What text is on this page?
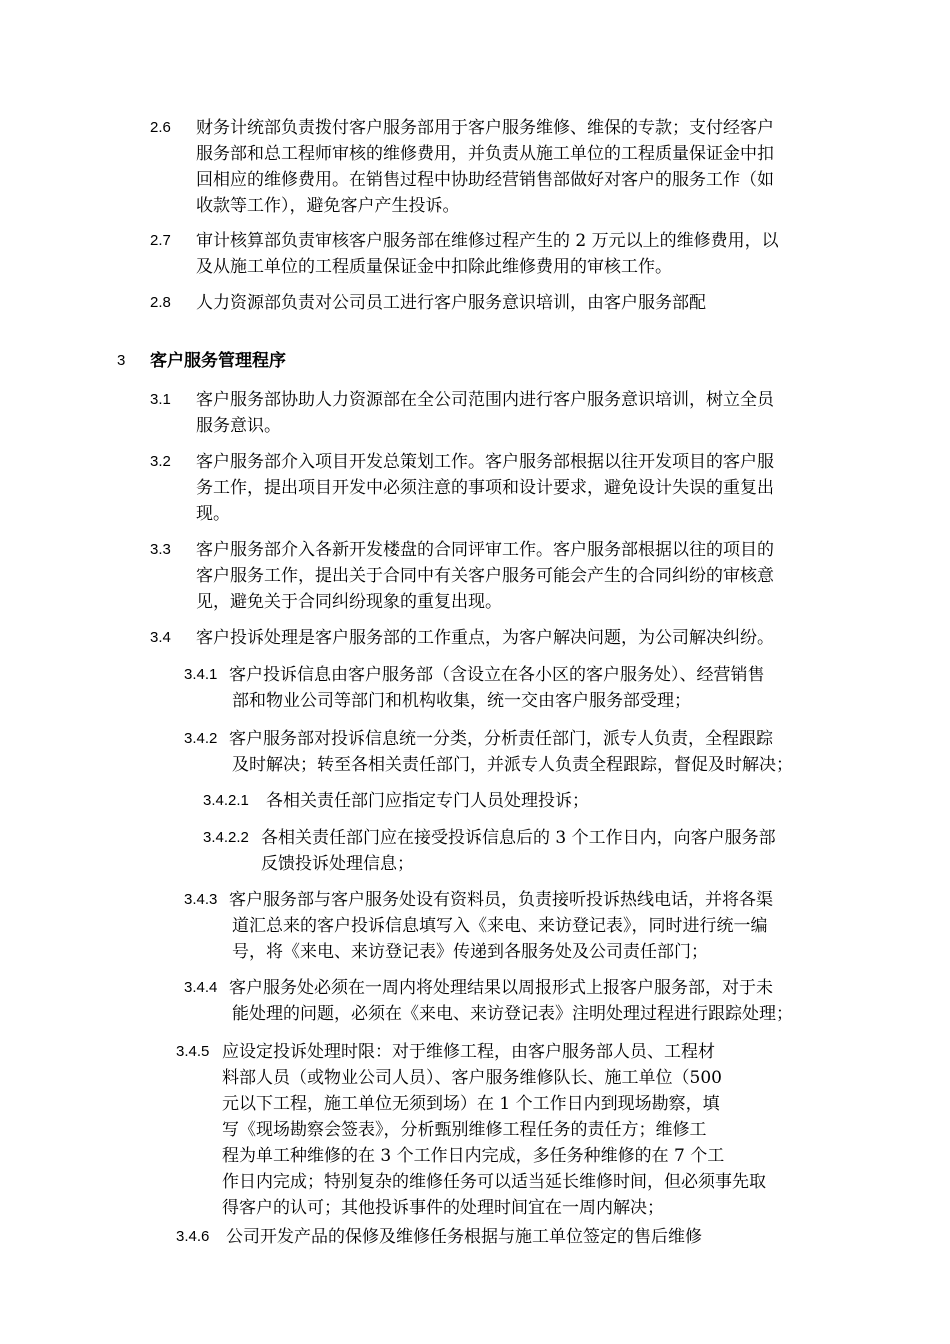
2.6 财务计统部负责拨付客户服务部用于客户服务维修、维保的专款；支付经客户
服务部和总工程师审核的维修费用，并负责从施工单位的工程质量保证金中扣
回相应的维修费用。在销售过程中协助经营销售部做好对客户的服务工作（如
收款等工作），避免客户产生投诉。
2.7 审计核算部负责审核客户服务部在维修过程产生的 2 万元以上的维修费用，以
及从施工单位的工程质量保证金中扣除此维修费用的审核工作。
2.8 人力资源部负责对公司员工进行客户服务意识培训，由客户服务部配
3 客户服务管理程序
3.1 客户服务部协助人力资源部在全公司范围内进行客户服务意识培训，树立全员
服务意识。
3.2 客户服务部介入项目开发总策划工作。客户服务部根据以往开发项目的客户服
务工作，提出项目开发中必须注意的事项和设计要求，避免设计失误的重复出
现。
3.3 客户服务部介入各新开发楼盘的合同评审工作。客户服务部根据以往的项目的
客户服务工作，提出关于合同中有关客户服务可能会产生的合同纠纷的审核意
见，避免关于合同纠纷现象的重复出现。
3.4 客户投诉处理是客户服务部的工作重点，为客户解决问题，为公司解决纠纷。
3.4.1 客户投诉信息由客户服务部（含设立在各小区的客户服务处）、经营销售
部和物业公司等部门和机构收集，统一交由客户服务部受理；
3.4.2 客户服务部对投诉信息统一分类，分析责任部门，派专人负责，全程跟踪
及时解决；转至各相关责任部门，并派专人负责全程跟踪，督促及时解决；
3.4.2.1 各相关责任部门应指定专门人员处理投诉；
3.4.2.2 各相关责任部门应在接受投诉信息后的 3 个工作日内，向客户服务部
反馈投诉处理信息；
3.4.3 客户服务部与客户服务处设有资料员，负责接听投诉热线电话，并将各渠
道汇总来的客户投诉信息填写入《来电、来访登记表》，同时进行统一编
号，将《来电、来访登记表》传递到各服务处及公司责任部门；
3.4.4 客户服务处必须在一周内将处理结果以周报形式上报客户服务部，对于未
能处理的问题，必须在《来电、来访登记表》注明处理过程进行跟踪处理；
3.4.5 应设定投诉处理时限：对于维修工程，由客户服务部人员、工程材
料部人员（或物业公司人员）、客户服务维修队长、施工单位（500
元以下工程，施工单位无须到场）在 1 个工作日内到现场勘察，填
写《现场勘察会签表》，分析甄别维修工程任务的责任方；维修工
程为单工种维修的在 3 个工作日内完成，多任务种维修的在 7 个工
作日内完成；特别复杂的维修任务可以适当延长维修时间，但必须事先取
得客户的认可；其他投诉事件的处理时间宜在一周内解决；
3.4.6 公司开发产品的保修及维修任务根据与施工单位签定的售后维修
